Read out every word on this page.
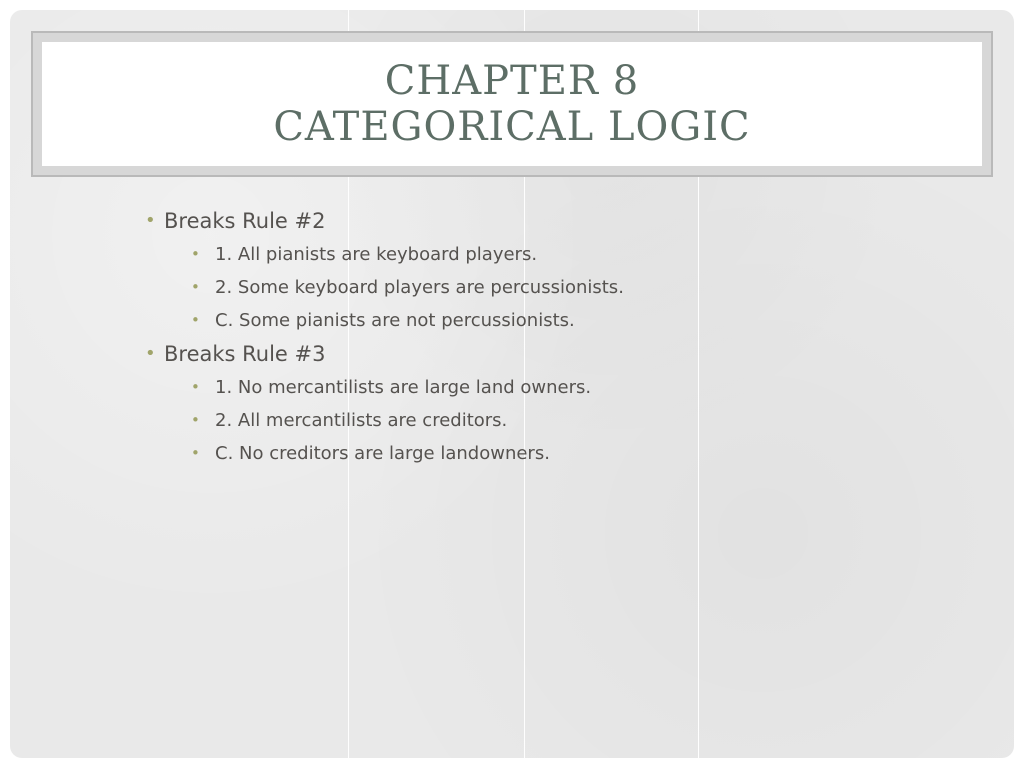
CHAPTER 8
CATEGORICAL LOGIC
• Breaks Rule #2
• 1. All pianists are keyboard players.
• 2. Some keyboard players are percussionists.
• C. Some pianists are not percussionists.
• Breaks Rule #3
• 1. No mercantilists are large land owners.
• 2. All mercantilists are creditors.
• C. No creditors are large landowners.
